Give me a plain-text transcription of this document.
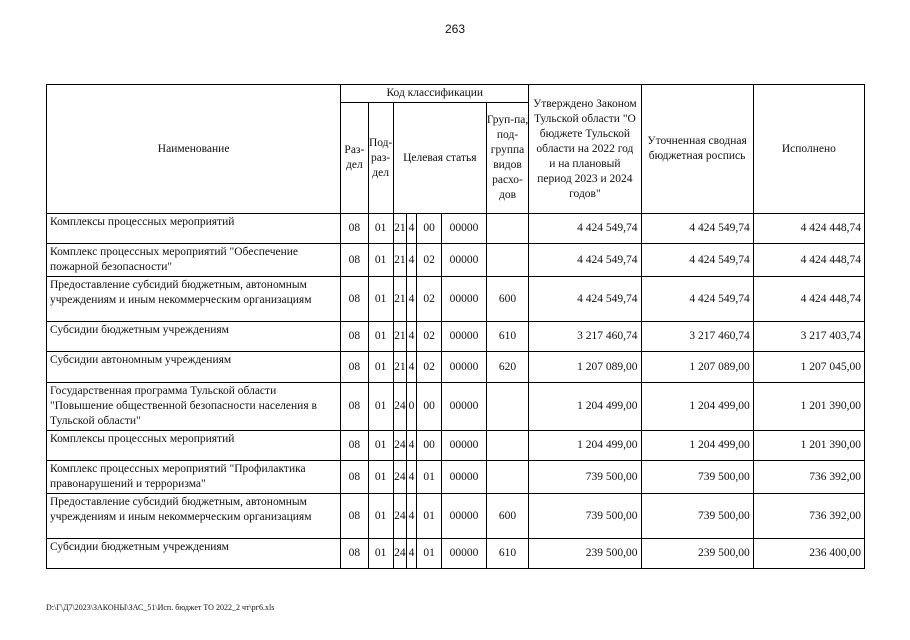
263
Наименование	Код классификации							Утверждено Законом Тульской области "О бюджете Тульской области на 2022 год и на плановый период 2023 и 2024 годов"	Уточненная сводная бюджетная роспись	Исполнено
	Раз-дел	Под-раз-дел	Целевая статья				Груп-па, под-группа видов расхо-дов			
Комплексы процессных мероприятий	08	01	21	4	00	00000		4 424 549,74	4 424 549,74	4 424 448,74
Комплекс процессных мероприятий "Обеспечение пожарной безопасности"	08	01	21	4	02	00000		4 424 549,74	4 424 549,74	4 424 448,74
Предоставление субсидий бюджетным, автономным учреждениям и иным некоммерческим организациям	08	01	21	4	02	00000	600	4 424 549,74	4 424 549,74	4 424 448,74
Субсидии бюджетным учреждениям	08	01	21	4	02	00000	610	3 217 460,74	3 217 460,74	3 217 403,74
Субсидии автономным учреждениям	08	01	21	4	02	00000	620	1 207 089,00	1 207 089,00	1 207 045,00
Государственная программа Тульской области "Повышение общественной безопасности населения в Тульской области"	08	01	24	0	00	00000		1 204 499,00	1 204 499,00	1 201 390,00
Комплексы процессных мероприятий	08	01	24	4	00	00000		1 204 499,00	1 204 499,00	1 201 390,00
Комплекс процессных мероприятий "Профилактика правонарушений и терроризма"	08	01	24	4	01	00000		739 500,00	739 500,00	736 392,00
Предоставление субсидий бюджетным, автономным учреждениям и иным некоммерческим организациям	08	01	24	4	01	00000	600	739 500,00	739 500,00	736 392,00
Субсидии бюджетным учреждениям	08	01	24	4	01	00000	610	239 500,00	239 500,00	236 400,00
D:\Г\Д7\2023\ЗАКОНЫ\ЗАС_51\Исп. бюджет ТО 2022_2 чт\рг6.xls
